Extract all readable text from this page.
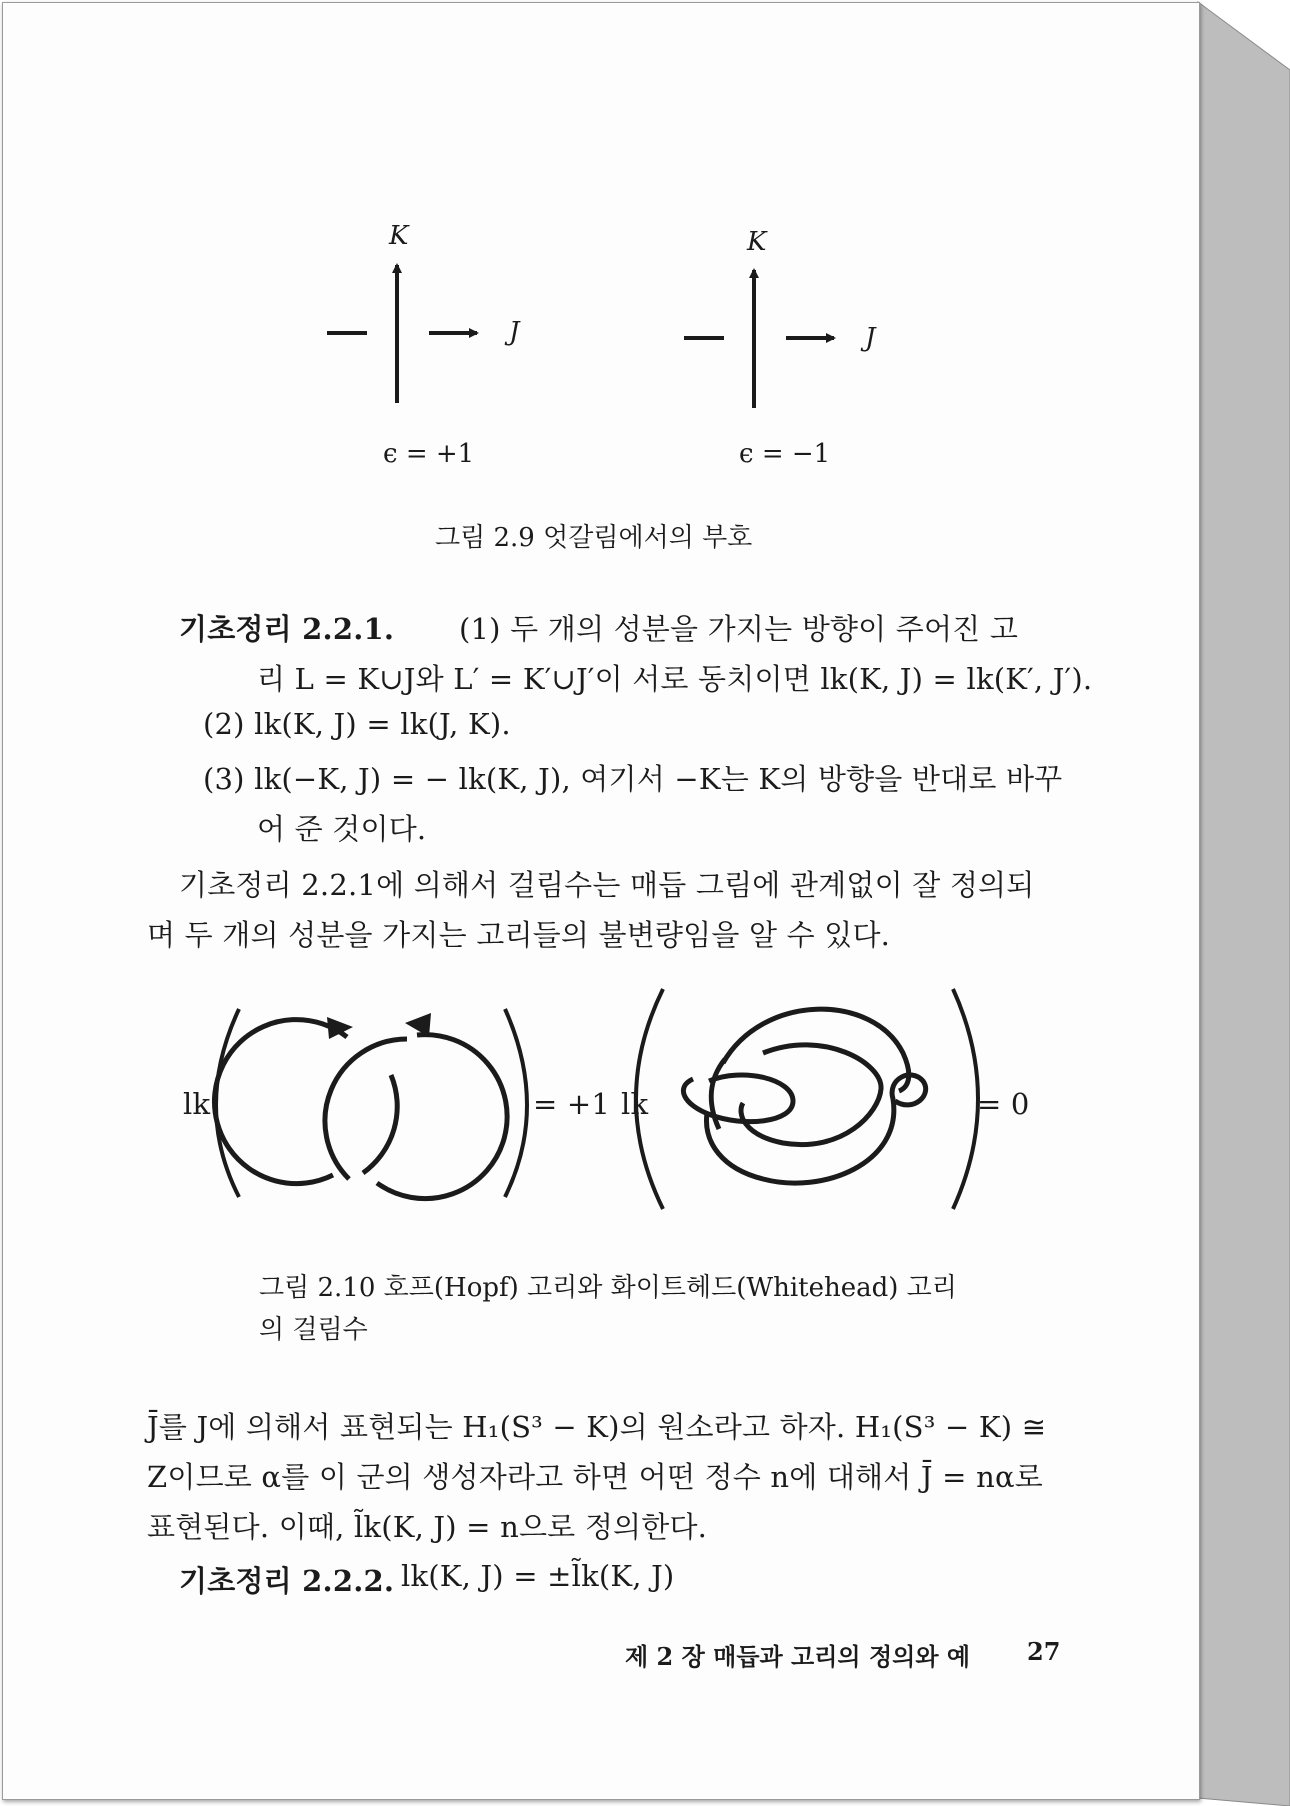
K
J
ϵ = +1
K
J
ϵ = −1
그림 2.9 엇갈림에서의 부호
기초정리 2.2.1. (1) 두 개의 성분을 가지는 방향이 주어진 고
리 L = K∪J와 L′ = K′∪J′이 서로 동치이면 lk(K, J) = lk(K′, J′).
(2) lk(K, J) = lk(J, K).
(3) lk(−K, J) = − lk(K, J), 여기서 −K는 K의 방향을 반대로 바꾸
어 준 것이다.
기초정리 2.2.1에 의해서 걸림수는 매듭 그림에 관계없이 잘 정의되
며 두 개의 성분을 가지는 고리들의 불변량임을 알 수 있다.
lk	= +1 lk	= 0
그림 2.10 호프(Hopf) 고리와 화이트헤드(Whitehead) 고리
의 걸림수
J̄를 J에 의해서 표현되는 H₁(S³ − K)의 원소라고 하자. H₁(S³ − K) ≅
Z이므로 α를 이 군의 생성자라고 하면 어떤 정수 n에 대해서 J̄ = nα로
표현된다. 이때, l̃k(K, J) = n으로 정의한다.
기초정리 2.2.2. lk(K, J) = ±l̃k(K, J)
제 2 장 매듭과 고리의 정의와 예 27
